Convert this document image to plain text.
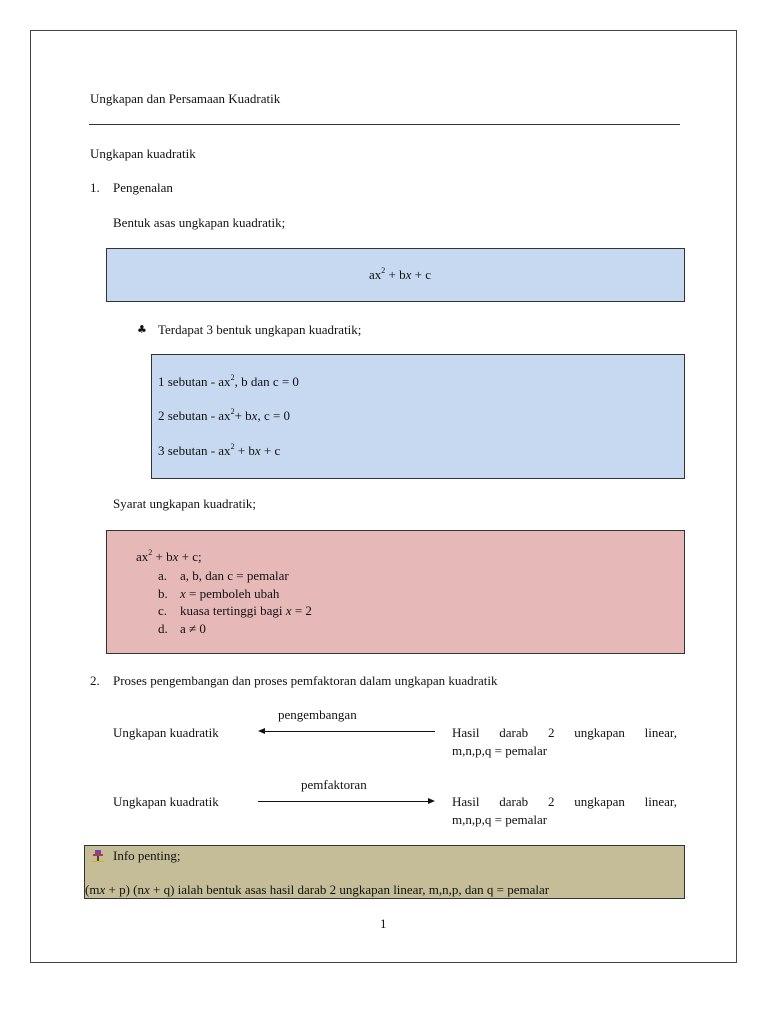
Ungkapan dan Persamaan Kuadratik
Ungkapan kuadratik
1. Pengenalan
Bentuk asas ungkapan kuadratik;
$ax^2$ + bx + c
♣ Terdapat 3 bentuk ungkapan kuadratik;
1 sebutan - $ax^2$, b dan c = 0
2 sebutan - $ax^2+$ bx, c = 0
3 sebutan - $ax^2$ + bx + c
Syarat ungkapan kuadratik;
$ax^2$ + bx + c;
a. a, b, dan c = pemalar
b. x = pemboleh ubah
c. kuasa tertinggi bagi x = 2
d. a ≠ 0
2. Proses pengembangan dan proses pemfaktoran dalam ungkapan kuadratik
pengembangan
Ungkapan kuadratik	Hasil darab 2 ungkapan linear,
m,n,p,q = pemalar
pemfaktoran
Ungkapan kuadratik	Hasil darab 2 ungkapan linear,
m,n,p,q = pemalar
Info penting;
(mx + p) (nx + q) ialah bentuk asas hasil darab 2 ungkapan linear, m,n,p, dan q = pemalar
1
